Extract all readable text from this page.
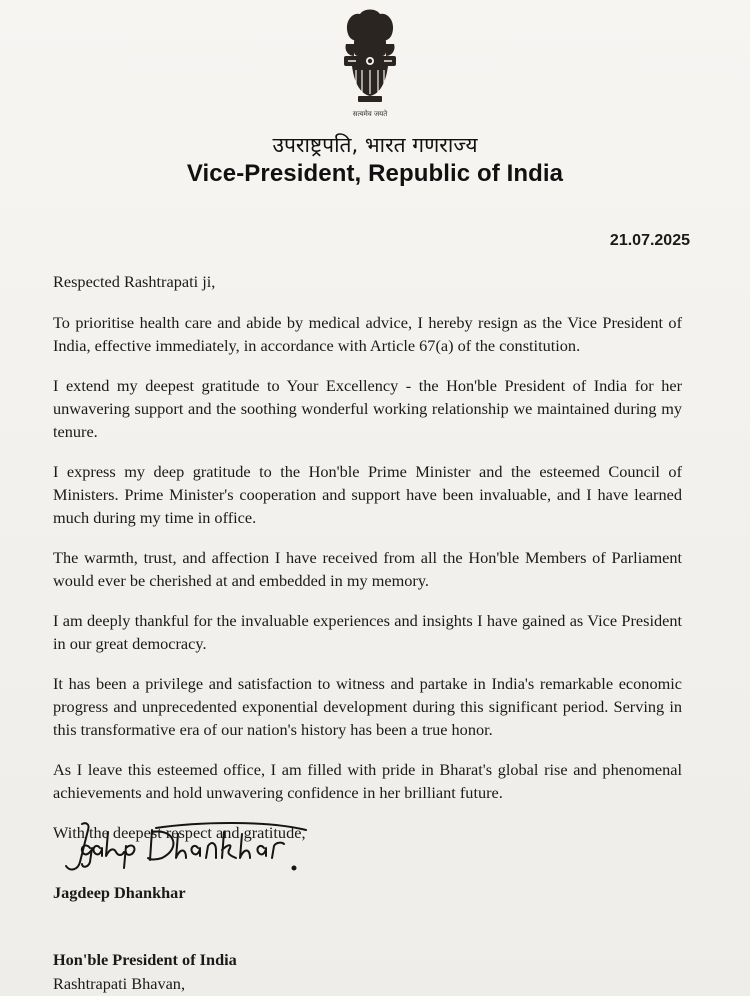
सत्यमेव जयते
उपराष्ट्रपति, भारत गणराज्य
Vice-President, Republic of India
21.07.2025

Respected Rashtrapati ji,

To prioritise health care and abide by medical advice, I hereby resign as the Vice President of India, effective immediately, in accordance with Article 67(a) of the constitution.

I extend my deepest gratitude to Your Excellency - the Hon'ble President of India for her unwavering support and the soothing wonderful working relationship we maintained during my tenure.

I express my deep gratitude to the Hon'ble Prime Minister and the esteemed Council of Ministers. Prime Minister's cooperation and support have been invaluable, and I have learned much during my time in office.

The warmth, trust, and affection I have received from all the Hon'ble Members of Parliament would ever be cherished at and embedded in my memory.

I am deeply thankful for the invaluable experiences and insights I have gained as Vice President in our great democracy.

It has been a privilege and satisfaction to witness and partake in India's remarkable economic progress and unprecedented exponential development during this significant period. Serving in this transformative era of our nation's history has been a true honor.

As I leave this esteemed office, I am filled with pride in Bharat's global rise and phenomenal achievements and hold unwavering confidence in her brilliant future.

With the deepest respect and gratitude,

Jagdeep Dhankhar
Jagdeep Dhankhar
Hon'ble President of India
Rashtrapati Bhavan,
